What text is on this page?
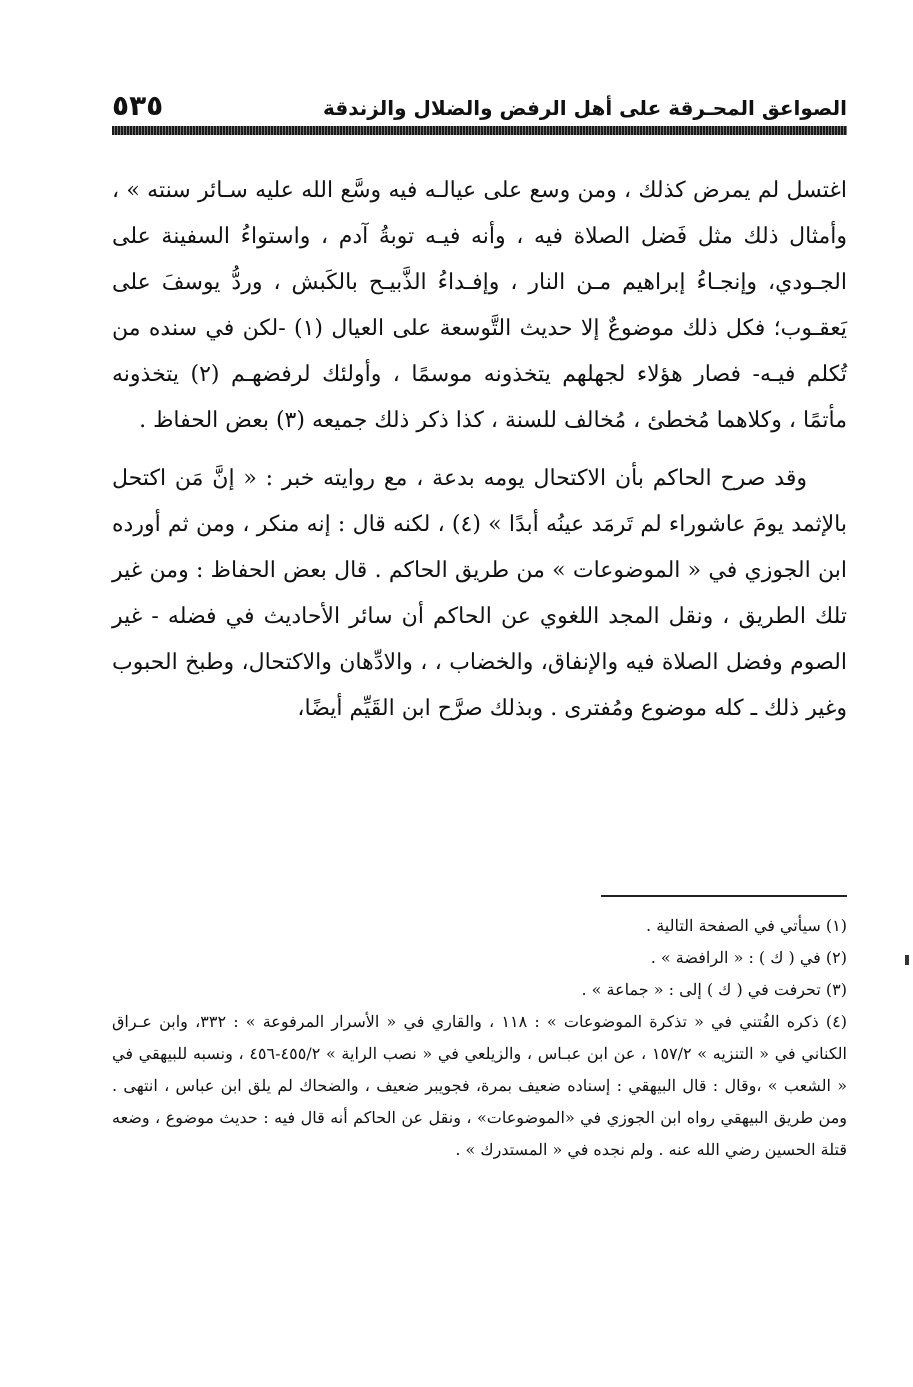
الصواعق المحـرقة على أهل الرفض والضلال والزندقة
٥٣٥

اغتسل لم يمرض كذلك ، ومن وسع على عيالـه فيه وسَّع الله عليه سـائر سنته » ، وأمثال ذلك مثل فَضل الصلاة فيه ، وأنه فيـه توبةُ آدم ، واستواءُ السفينة على الجـودي، وإنجـاءُ إبراهيم مـن النار ، وإفـداءُ الذَّبيـح بالكَبش ، وردُّ يوسفَ على يَعقـوب؛ فكل ذلك موضوعٌ إلا حديث التَّوسعة على العيال (١) -لكن في سنده من تُكلم فيـه- فصار هؤلاء لجهلهم يتخذونه موسمًا ، وأولئك لرفضهـم (٢) يتخذونه مأتمًا ، وكلاهما مُخطئ ، مُخالف للسنة ، كذا ذكر ذلك جميعه (٣) بعض الحفاظ .

وقد صرح الحاكم بأن الاكتحال يومه بدعة ، مع روايته خبر : « إنَّ مَن اكتحل بالإثمد يومَ عاشوراء لم تَرمَد عينُه أبدًا » (٤) ، لكنه قال : إنه منكر ، ومن ثم أورده ابن الجوزي في « الموضوعات » من طريق الحاكم . قال بعض الحفاظ : ومن غير تلك الطريق ، ونقل المجد اللغوي عن الحاكم أن سائر الأحاديث في فضله - غير الصوم وفضل الصلاة فيه والإنفاق، والخضاب ، ، والادِّهان والاكتحال، وطبخ الحبوب وغير ذلك ـ كله موضوع ومُفترى . وبذلك صرَّح ابن القَيِّم أيضًا،

(١) سيأتي في الصفحة التالية .

(٢) في ( ك ) : « الرافضة » .

(٣) تحرفت في ( ك ) إلى : « جماعة » .

(٤) ذكره الفُتني في « تذكرة الموضوعات » : ١١٨ ، والقاري في « الأسرار المرفوعة » : ٣٣٢، وابن عـراق الكناني في « التنزيه » ١٥٧/٢ ، عن ابن عبـاس ، والزيلعي في « نصب الراية » ٤٥٥/٢-٤٥٦ ، ونسبه للبيهقي في « الشعب » ،وقال : قال البيهقي : إسناده ضعيف بمرة، فجويبر ضعيف ، والضحاك لم يلق ابن عباس ، انتهى . ومن طريق البيهقي رواه ابن الجوزي في «الموضوعات» ، ونقل عن الحاكم أنه قال فيه : حديث موضوع ، وضعه قتلة الحسين رضي الله عنه . ولم نجده في « المستدرك » .
